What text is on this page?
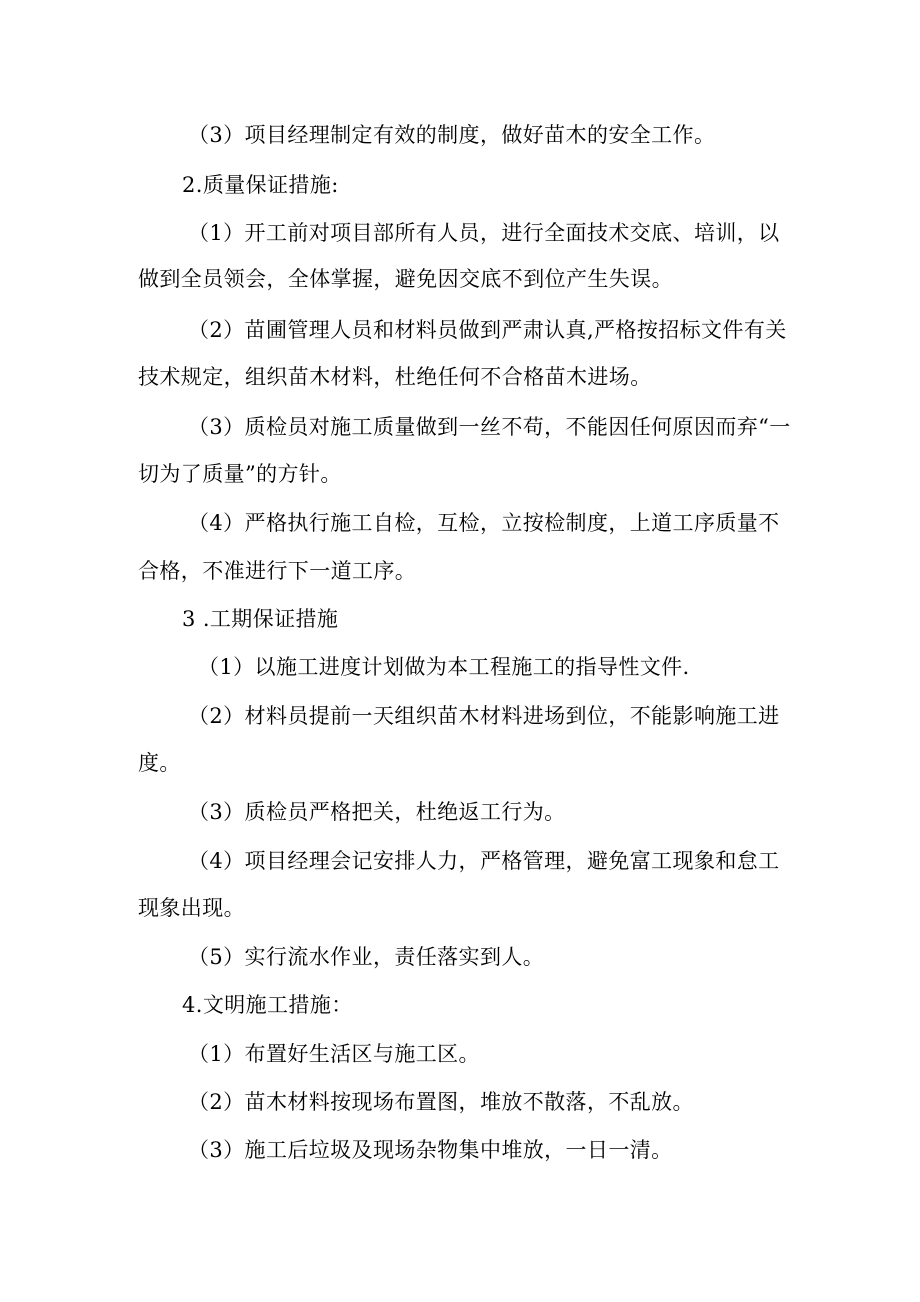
（3）项目经理制定有效的制度，做好苗木的安全工作。
2.质量保证措施:
（1）开工前对项目部所有人员，进行全面技术交底、培训，以
做到全员领会，全体掌握，避免因交底不到位产生失误。
（2）苗圃管理人员和材料员做到严肃认真,严格按招标文件有关
技术规定，组织苗木材料，杜绝任何不合格苗木进场。
（3）质检员对施工质量做到一丝不苟，不能因任何原因而弃“一
切为了质量”的方针。
（4）严格执行施工自检，互检，立按检制度，上道工序质量不
合格，不准进行下一道工序。
3 .工期保证措施
（1）以施工进度计划做为本工程施工的指导性文件.
（2）材料员提前一天组织苗木材料进场到位，不能影响施工进
度。
（3）质检员严格把关，杜绝返工行为。
（4）项目经理会记安排人力，严格管理，避免富工现象和怠工
现象出现。
（5）实行流水作业，责任落实到人。
4.文明施工措施：
（1）布置好生活区与施工区。
（2）苗木材料按现场布置图，堆放不散落，不乱放。
（3）施工后垃圾及现场杂物集中堆放，一日一清。
